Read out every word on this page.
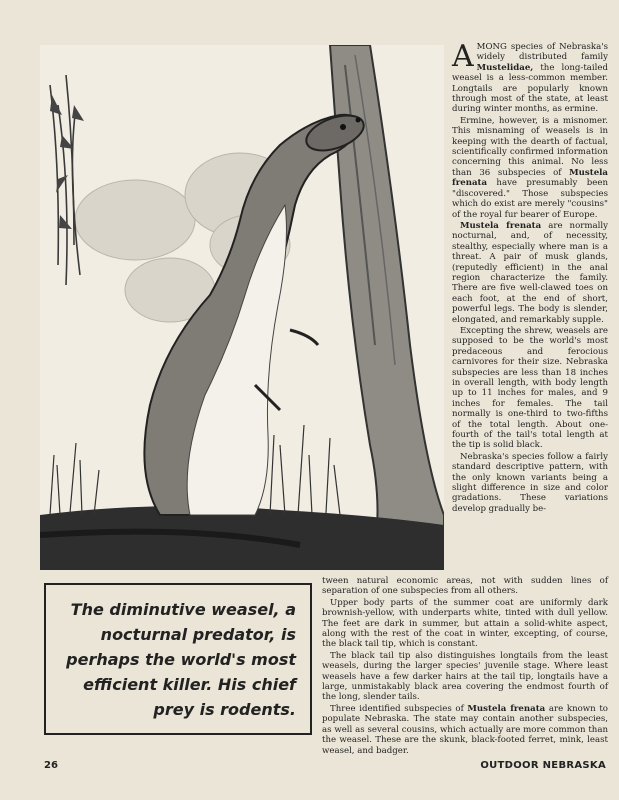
AMONG species of Nebraska's widely distributed family Mustelidae, the long-tailed weasel is a less-common member. Longtails are popularly known through most of the state, at least during winter months, as ermine.

Ermine, however, is a misnomer. This misnaming of weasels is in keeping with the dearth of factual, scientifically confirmed information concerning this animal. No less than 36 subspecies of Mustela frenata have presumably been "discovered." Those subspecies which do exist are merely "cousins" of the royal fur bearer of Europe.

Mustela frenata are normally nocturnal, and, of necessity, stealthy, especially where man is a threat. A pair of musk glands, (reputedly efficient) in the anal region characterize the family. There are five well-clawed toes on each foot, at the end of short, powerful legs. The body is slender, elongated, and remarkably supple.

Excepting the shrew, weasels are supposed to be the world's most predaceous and ferocious carnivores for their size. Nebraska subspecies are less than 18 inches in overall length, with body length up to 11 inches for males, and 9 inches for females. The tail normally is one-third to two-fifths of the total length. About one-fourth of the tail's total length at the tip is solid black.

Nebraska's species follow a fairly standard descriptive pattern, with the only known variants being a slight difference in size and color gradations. These variations develop gradually be-

tween natural economic areas, not with sudden lines of separation of one subspecies from all others.

Upper body parts of the summer coat are uniformly dark brownish-yellow, with underparts white, tinted with dull yellow. The feet are dark in summer, but attain a solid-white aspect, along with the rest of the coat in winter, excepting, of course, the black tail tip, which is constant.

The black tail tip also distinguishes longtails from the least weasels, during the larger species' juvenile stage. Where least weasels have a few darker hairs at the tail tip, longtails have a large, unmistakably black area covering the endmost fourth of the long, slender tails.

Three identified subspecies of Mustela frenata are known to populate Nebraska. The state may contain another subspecies, as well as several cousins, which actually are more common than the weasel. These are the skunk, black-footed ferret, mink, least weasel, and badger.

The diminutive weasel, a nocturnal predator, is perhaps the world's most efficient killer. His chief prey is rodents.

26	OUTDOOR NEBRASKA
